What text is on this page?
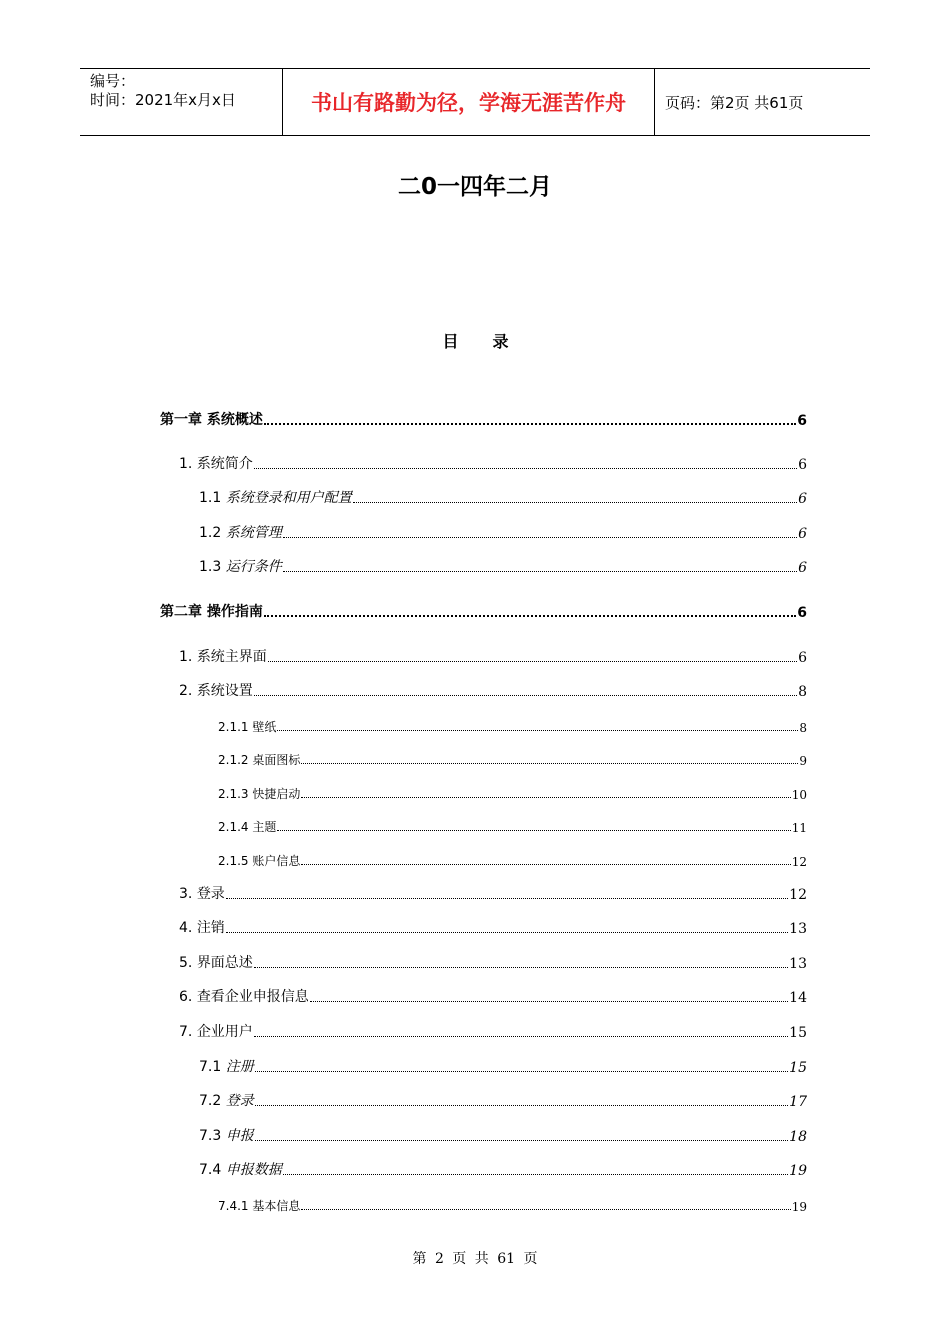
编号：
时间：2021年x月x日	书山有路勤为径，学海无涯苦作舟	页码：第2页 共61页
二0一四年二月
目录
第一章 系统概述	6
1. 系统简介	6
1.1 系统登录和用户配置	6
1.2 系统管理	6
1.3 运行条件	6
第二章 操作指南	6
1. 系统主界面	6
2. 系统设置	8
2.1.1 壁纸	8
2.1.2 桌面图标	9
2.1.3 快捷启动	10
2.1.4 主题	11
2.1.5 账户信息	12
3. 登录	12
4. 注销	13
5. 界面总述	13
6. 查看企业申报信息	14
7. 企业用户	15
7.1 注册	15
7.2 登录	17
7.3 申报	18
7.4 申报数据	19
7.4.1 基本信息	19
第 2 页 共 61 页
